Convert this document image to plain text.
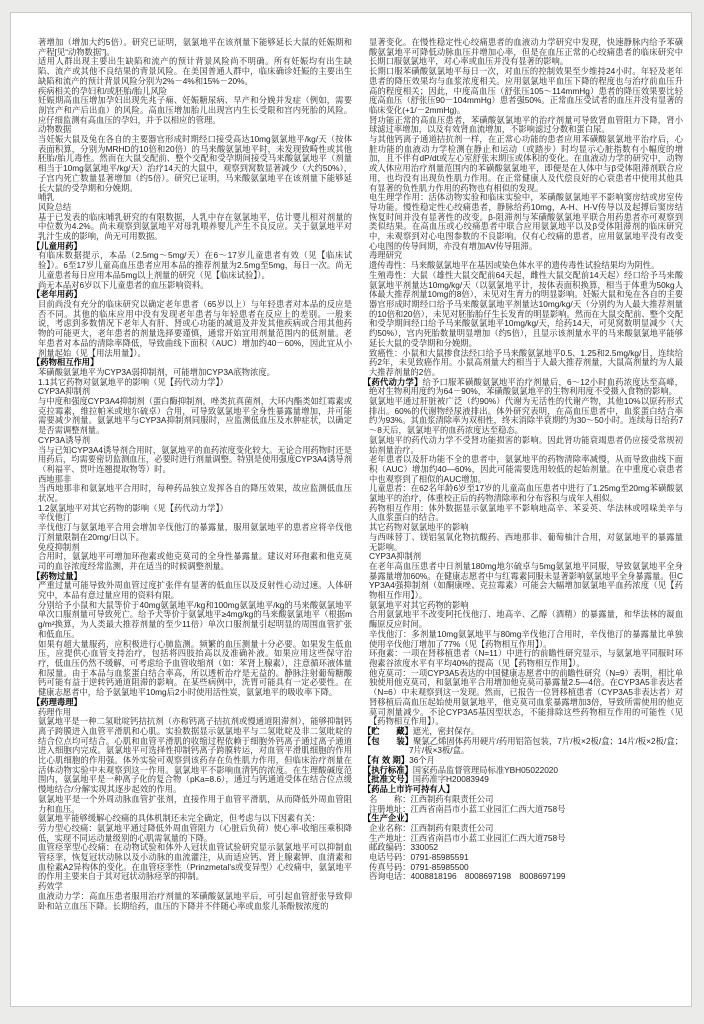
著增加（增加大约5倍）。研究已证明，氨氯地平在该剂量下能够延长大鼠的妊娠期和产程[见“动物数据”]。

适用人群出现主要出生缺陷和流产的预计背景风险尚不明确。所有妊娠均有出生缺陷、流产或其他不良结果的背景风险。在美国普通人群中，临床确诊妊娠的主要出生缺陷和流产的预计背景风险分别为2%－4%和15%－20%。

疾病相关的孕妇和/或胚胎/胎儿风险

妊娠期高血压增加孕妇出现先兆子痫、妊娠糖尿病、早产和分娩并发症（例如，需要剖宫产和产后出血）的风险。高血压增加胎儿出现宫内生长受限和宫内死胎的风险。应仔细监测有高血压的孕妇，并予以相应的管理。

动物数据

当妊娠大鼠及兔在各自的主要器官形成时期经口接受高达10mg氨氯地平/kg/天（按体表面积算，分别为MRHD的10倍和20倍）的马来酸氨氯地平时，未发现致畸性或其他胚胎/胎儿毒性。然而在大鼠交配前、整个交配和受孕期间接受马来酸氨氯地平（剂量相当于10mg氨氯地平/kg/天）治疗14天的大鼠中，观察到窝数显著减少（大约50%），子宫内死亡数量显著增加（约5倍）。研究已证明，马来酸氨氯地平在该剂量下能够延长大鼠的受孕期和分娩期。

哺乳

风险总结

基于已发表的临床哺乳研究的有限数据，人乳中存在氨氯地平，估计婴儿相对剂量的中位数为4.2%。尚未观察到氨氯地平对母乳喂养婴儿产生不良反应。关于氨氯地平对乳汁生成的影响，尚无可用数据。

【儿童用药】

有临床数据提示，本品（2.5mg～5mg/天）在6～17岁儿童患者有效（见【临床试验】）。6至17岁儿童高血压患者应用本品的推荐剂量为2.5mg至5mg，每日一次。尚无儿童患者每日应用本品5mg以上剂量的研究（见【临床试验】）。

尚无本品对6岁以下儿童患者的血压影响资料。

【老年用药】

目前尚没有充分的临床研究以确定老年患者（65岁以上）与年轻患者对本品的反应是否不同。其他的临床应用中没有发现老年患者与年轻患者在反应上的差别。一般来说，考虑到多数情况下老年人有肝、肾或心功能的减退及并发其他疾病或合用其他药物的可能更大，老年患者的剂量选择要谨慎，通常开始宜用剂量范围内的低剂量。老年患者对本品的清除率降低，导致曲线下面积（AUC）增加约40－60%，因此宜从小剂量起始（见【用法用量】）。

【药物相互作用】

苯磺酸氨氯地平为CYP3A弱抑制剂，可能增加CYP3A底物浓度。

1.1其它药物对氨氯地平的影响（见【药代动力学】）

CYP3A抑制剂

与中度和强度CYP3A4抑制剂（蛋白酶抑制剂，唑类抗真菌剂，大环内酯类如红霉素或克拉霉素，维拉帕米或地尔硫卓）合用，可导致氨氯地平全身性暴露量增加，并可能需要减少剂量。氨氯地平与CYP3A抑制剂同服时，应监测低血压及水肿症状，以确定是否需调整剂量。

CYP3A诱导剂

当与已知CYP3A4诱导剂合用时，氨氯地平的血药浓度变化较大。无论合用药物时还是用药后，均需要密切监测血压，必要时进行剂量调整。特别是使用强度CYP3A4诱导剂（利福平、贯叶连翘提取物等）时。

西地那非

当西地那非和氨氯地平合用时，每种药品独立发挥各自的降压效果，故应监测低血压状况。

1.2氨氯地平对其它药物的影响（见【药代动力学】）

辛伐他汀

辛伐他汀与氨氯地平合用会增加辛伐他汀的暴露量，服用氨氯地平的患者应将辛伐他汀剂量限制在20mg/日以下。

免疫抑制剂

合用时，氨氯地平可增加环孢素或他克莫司的全身性暴露量。建议对环孢素和他克莫司的血谷浓度经常监测，并在适当的时候调整剂量。

【药物过量】

严重过量可能导致外周血管过度扩张伴有显著的低血压以及反射性心动过速。人体研究中，本品有意过量应用的资料有限。

分别给予小鼠和大鼠等价于40mg氨氯地平/kg和100mg氨氯地平/kg的马来酸氨氯地平单次口服剂量可导致死亡。给予犬等价于氨氯地平≥4mg/kg的马来酸氨氯地平（根据mg/m²换算，为人类最大推荐剂量的至少11倍）单次口服剂量引起明显的周围血管扩张和低血压。

如果有超大量服药，应积极进行心肺监测。频繁的血压测量十分必要。如果发生低血压，应提供心血管支持治疗，包括将四肢抬高以及准确补液。如果应用这些保守治疗，低血压仍然不缓解，可考虑给予血管收缩剂（如：苯肾上腺素），注意循环液体量和尿量。由于本品与血浆蛋白结合率高，所以透析治疗是无益的。静脉注射葡萄糖酸钙可能有益于逆转钙通道阻滞的影响。在某些病例中，洗胃可能具有一定必要性。在健康志愿者中，给予氨氯地平10mg后2小时使用活性炭，氨氯地平的吸收率下降。

【药理毒理】

药理作用

氨氯地平是一种二氢吡啶钙拮抗剂（亦称钙离子拮抗剂或慢通道阻滞剂），能够抑制钙离子跨膜进入血管平滑肌和心肌。实验数据显示氨氯地平与二氢吡啶及非二氢吡啶的结合位点均可结合。心肌和血管平滑肌的收缩过程依赖于细胞外钙离子通过离子通道进入细胞内完成。氨氯地平可选择性抑制钙离子跨膜转运，对血管平滑肌细胞的作用比心肌细胞的作用强。体外实验可观察到该药存在负性肌力作用，但临床治疗剂量在活体动物实验中未观察到这一作用。氨氯地平不影响血清钙的浓度。在生理酸碱度范围内，氨氯地平是一种离子化的复合物（pKa=8.6），通过与钙通道受体在结合位点缓慢地结合/分解实现其逐步起效的作用。

氨氯地平是一个外周动脉血管扩张剂，直接作用于血管平滑肌，从而降低外周血管阻力和血压。

氨氯地平能够缓解心绞痛的具体机制还未完全确定，但考虑与以下因素有关：

劳力型心绞痛：氨氯地平通过降低外周血管阻力（心脏后负荷）使心率-收缩压乘积降低，实现不同运动量级别的心肌需氧量的下降。

血管痉挛型心绞痛：在动物试验和体外人冠状血管试验研究显示氨氯地平可以抑制血管痉挛，恢复冠状动脉以及小动脉的血流灌注，从而适应钙、肾上腺素钾、血清素和血栓素A2异构体的变化。在血管痉挛性（Prinzmetal’s或变异型）心绞痛中，氨氯地平的作用主要来自于其对冠状动脉痉挛的抑制。

药效学

血液动力学：高血压患者服用治疗剂量的苯磺酸氨氯地平后，可引起血管舒张导致仰卧和站立血压下降。长期给药，血压的下降并不伴随心率或血浆儿茶酚胺浓度的

显著变化。在慢性稳定性心绞痛患者的血液动力学研究中发现，快速静脉内给予苯磺酸氨氯地平可降低动脉血压并增加心率，但是在血压正常的心绞痛患者的临床研究中长期口服氨氯地平，对心率或血压并没有显著的影响。

长期口服苯磺酸氨氯地平每日一次，对血压的控制效果至少维持24小时。年轻及老年患者的降压效果均与血浆浓度相关。应用氨氯地平血压下降的程度也与治疗前血压升高的程度相关；因此，中度高血压（舒张压105～114mmHg）患者的降压效果要比轻度高血压（舒张压90－104mmHg）患者强50%。正常血压受试者的血压并没有显著的临床变化(+1/－2mmHg)。

肾功能正常的高血压患者，苯磺酸氨氯地平的治疗剂量可导致肾血管阻力下降，肾小球滤过率增加，以及有效肾血流增加，不影响滤过分数和蛋白尿。

与其他钙离子通道拮抗剂一样，在正常心功能的患者应用苯磺酸氨氯地平治疗后，心脏功能的血液动力学检测在静止和运动（或踏步）时均显示心脏指数有小幅度的增加，且不伴有dP/dt或左心室舒张末期压或体积的变化。在血液动力学的研究中，动物或人体应用治疗剂量范围内的苯磺酸氨氯地平，即便是在人体中与β受体阻滞剂联合应用，也均没有出现负性肌力作用。在正常健康人及代偿良好的心衰患者中使用其他具有显著的负性肌力作用的药物也有相似的发现。

电生理学作用：活体动物实验和临床实验中，苯磺酸氨氯地平不影响窦房结或房室传导功能。慢性稳定性心绞痛患者，静脉给药10mg，A-H、H-V传导以及起搏后窦房结恢复时间并没有显著性的改变。β-阻滞剂与苯磺酸氨氯地平联合用药患者亦可观察到类似结果。在高血压或心绞痛患者中联合应用氨氯地平以及β受体阻滞剂的临床研究中，未观察到对心电图参数的不良影响。仅有心绞痛的患者，应用氨氯地平没有改变心电图的传导间期，亦没有增加AV传导阻滞。

毒理研究

遗传毒性：马来酸氨氯地平在基因或染色体水平的遗传毒性试验结果均为阴性。

生殖毒性：大鼠（雄性大鼠交配前64天起，雌性大鼠交配前14天起）经口给予马来酸氨氯地平剂量达10mg/kg/天（以氨氯地平计，按体表面积换算，相当于体重为50kg人体最大推荐剂量10mg的8倍），未见对生育力的明显影响。妊娠大鼠和兔在各自的主要器官形成时期经口给予马来酸氨氯地平剂量达10mg/kg/天（分别约为人最大推荐剂量的10倍和20倍），未见对胚胎胎仔生长发育的明显影响。然而在大鼠交配前、整个交配和受孕期间经口给予马来酸氨氯地平10mg/kg/天，给药14天，可见窝数明显减少（大约50%），宫内死胎数量明显增加（约5倍），且显示该剂量水平的马来酸氨氯地平能够延长大鼠的受孕期和分娩期。

致癌性：小鼠和大鼠掺食法经口给予马来酸氨氯地平0.5、1.25和2.5mg/kg/日，连续给药2年，未见致癌作用。小鼠高剂量大约相当于人最大推荐剂量，大鼠高剂量约为人最大推荐剂量的2倍。

【药代动力学】给予口服苯磺酸氨氯地平治疗剂量后，6～12小时血药浓度达至高峰，绝对生物利用度约为64－90%，苯磺酸氨氯地平的生物利用度不受摄入食物的影响。

氨氯地平通过肝脏被广泛（约90%）代谢为无活性的代谢产物，其他10%以原药形式排出。60%的代谢物经尿液排出。体外研究表明，在高血压患者中，血浆蛋白结合率约为93%。其血浆清除率为双相性，终末消除半衰期约为30～50小时。连续每日给药7～8天后，氨氯地平的血药浓度达至稳态。

氨氯地平的药代动力学不受肾功能损害的影响。因此肾功能衰竭患者仍应接受常规初始剂量治疗。

老年患者以及肝功能不全的患者中，氨氯地平的药物清除率减慢，从而导致曲线下面积（AUC）增加约40—60%，因此可能需要选用较低的起始剂量。在中重度心衰患者中也观察到了相似的AUC增加。

儿童患者：在62名年龄6岁至17岁的儿童高血压患者中进行了1.25mg至20mg苯磺酸氨氯地平的治疗，体重校正后的药物清除率和分布容积与成年人相似。

药物相互作用：体外数据显示氨氯地平不影响地高辛、苯妥英、华法林或吲哚美辛与人血浆蛋白的结合。

其它药物对氨氯地平的影响

与西咪替丁、镁铝氢氧化物抗酸药、西地那非、葡萄柚汁合用，对氨氯地平的暴露量无影响。

CYP3A抑制剂

在老年高血压患者中日剂量180mg地尔硫卓与5mg氨氯地平同服，导致氨氯地平全身暴露量增加60%。在健康志愿者中与红霉素同服未显著影响氨氯地平全身暴露量。但CYP3A4强抑制剂（如酮康唑、克拉霉素）可能会大幅增加氨氯地平血药浓度（见【药物相互作用】）。

氨氯地平对其它药物的影响

合用氨氯地平不改变阿托伐他汀、地高辛、乙醇（酒精）的暴露量，和华法林的凝血酶原反应时间。

辛伐他汀：多剂量10mg氨氯地平与80mg辛伐他汀合用时，辛伐他汀的暴露量比单独使用辛伐他汀增加了77%（见【药物相互作用】）。

环孢素：一项在肾移植患者（N=11）中进行的前瞻性研究显示，与氨氯地平同服时环孢素谷浓度水平有平均40%的提高（见【药物相互作用】）。

他克莫司：一项CYP3A5表达的中国健康志愿者中的前瞻性研究（N=9）表明，相比单独使用他克莫司，和氨氯地平合用增加他克莫司暴露量2.5—4倍。在CYP3A5非表达者（N=6）中未观察到这一发现。然而，已报告一位肾移植患者（CYP3A5非表达者）对肾移植后高血压起始使用氨氯地平，他克莫司血浆暴露增加3倍，导致所需使用的他克莫司剂量减少。不论CYP3A5基因型状态，不能排除这些药物相互作用的可能性（见【药物相互作用】）。

【贮　　藏】遮光，密封保存。

【包　　装】聚氯乙烯固体药用硬片/药用铝箔包装，7片/板×2板/盒；14片/板×2板/盒；7片/板×3板/盒。

【有 效 期】36个月

【执行标准】国家药品监督管理局标准YBH05022020

【批准文号】国药准字H20083949

【药品上市许可持有人】

名　　称：江西制药有限责任公司

注册地址：江西省南昌市小蓝工业园汇仁西大道758号

【生产企业】

企业名称：江西制药有限责任公司

生产地址：江西省南昌市小蓝工业园汇仁西大道758号

邮政编码：330052

电话号码：0791-85985591

传真号码：0791-85985500

咨询电话：4008818196　8008697198　8008697199
